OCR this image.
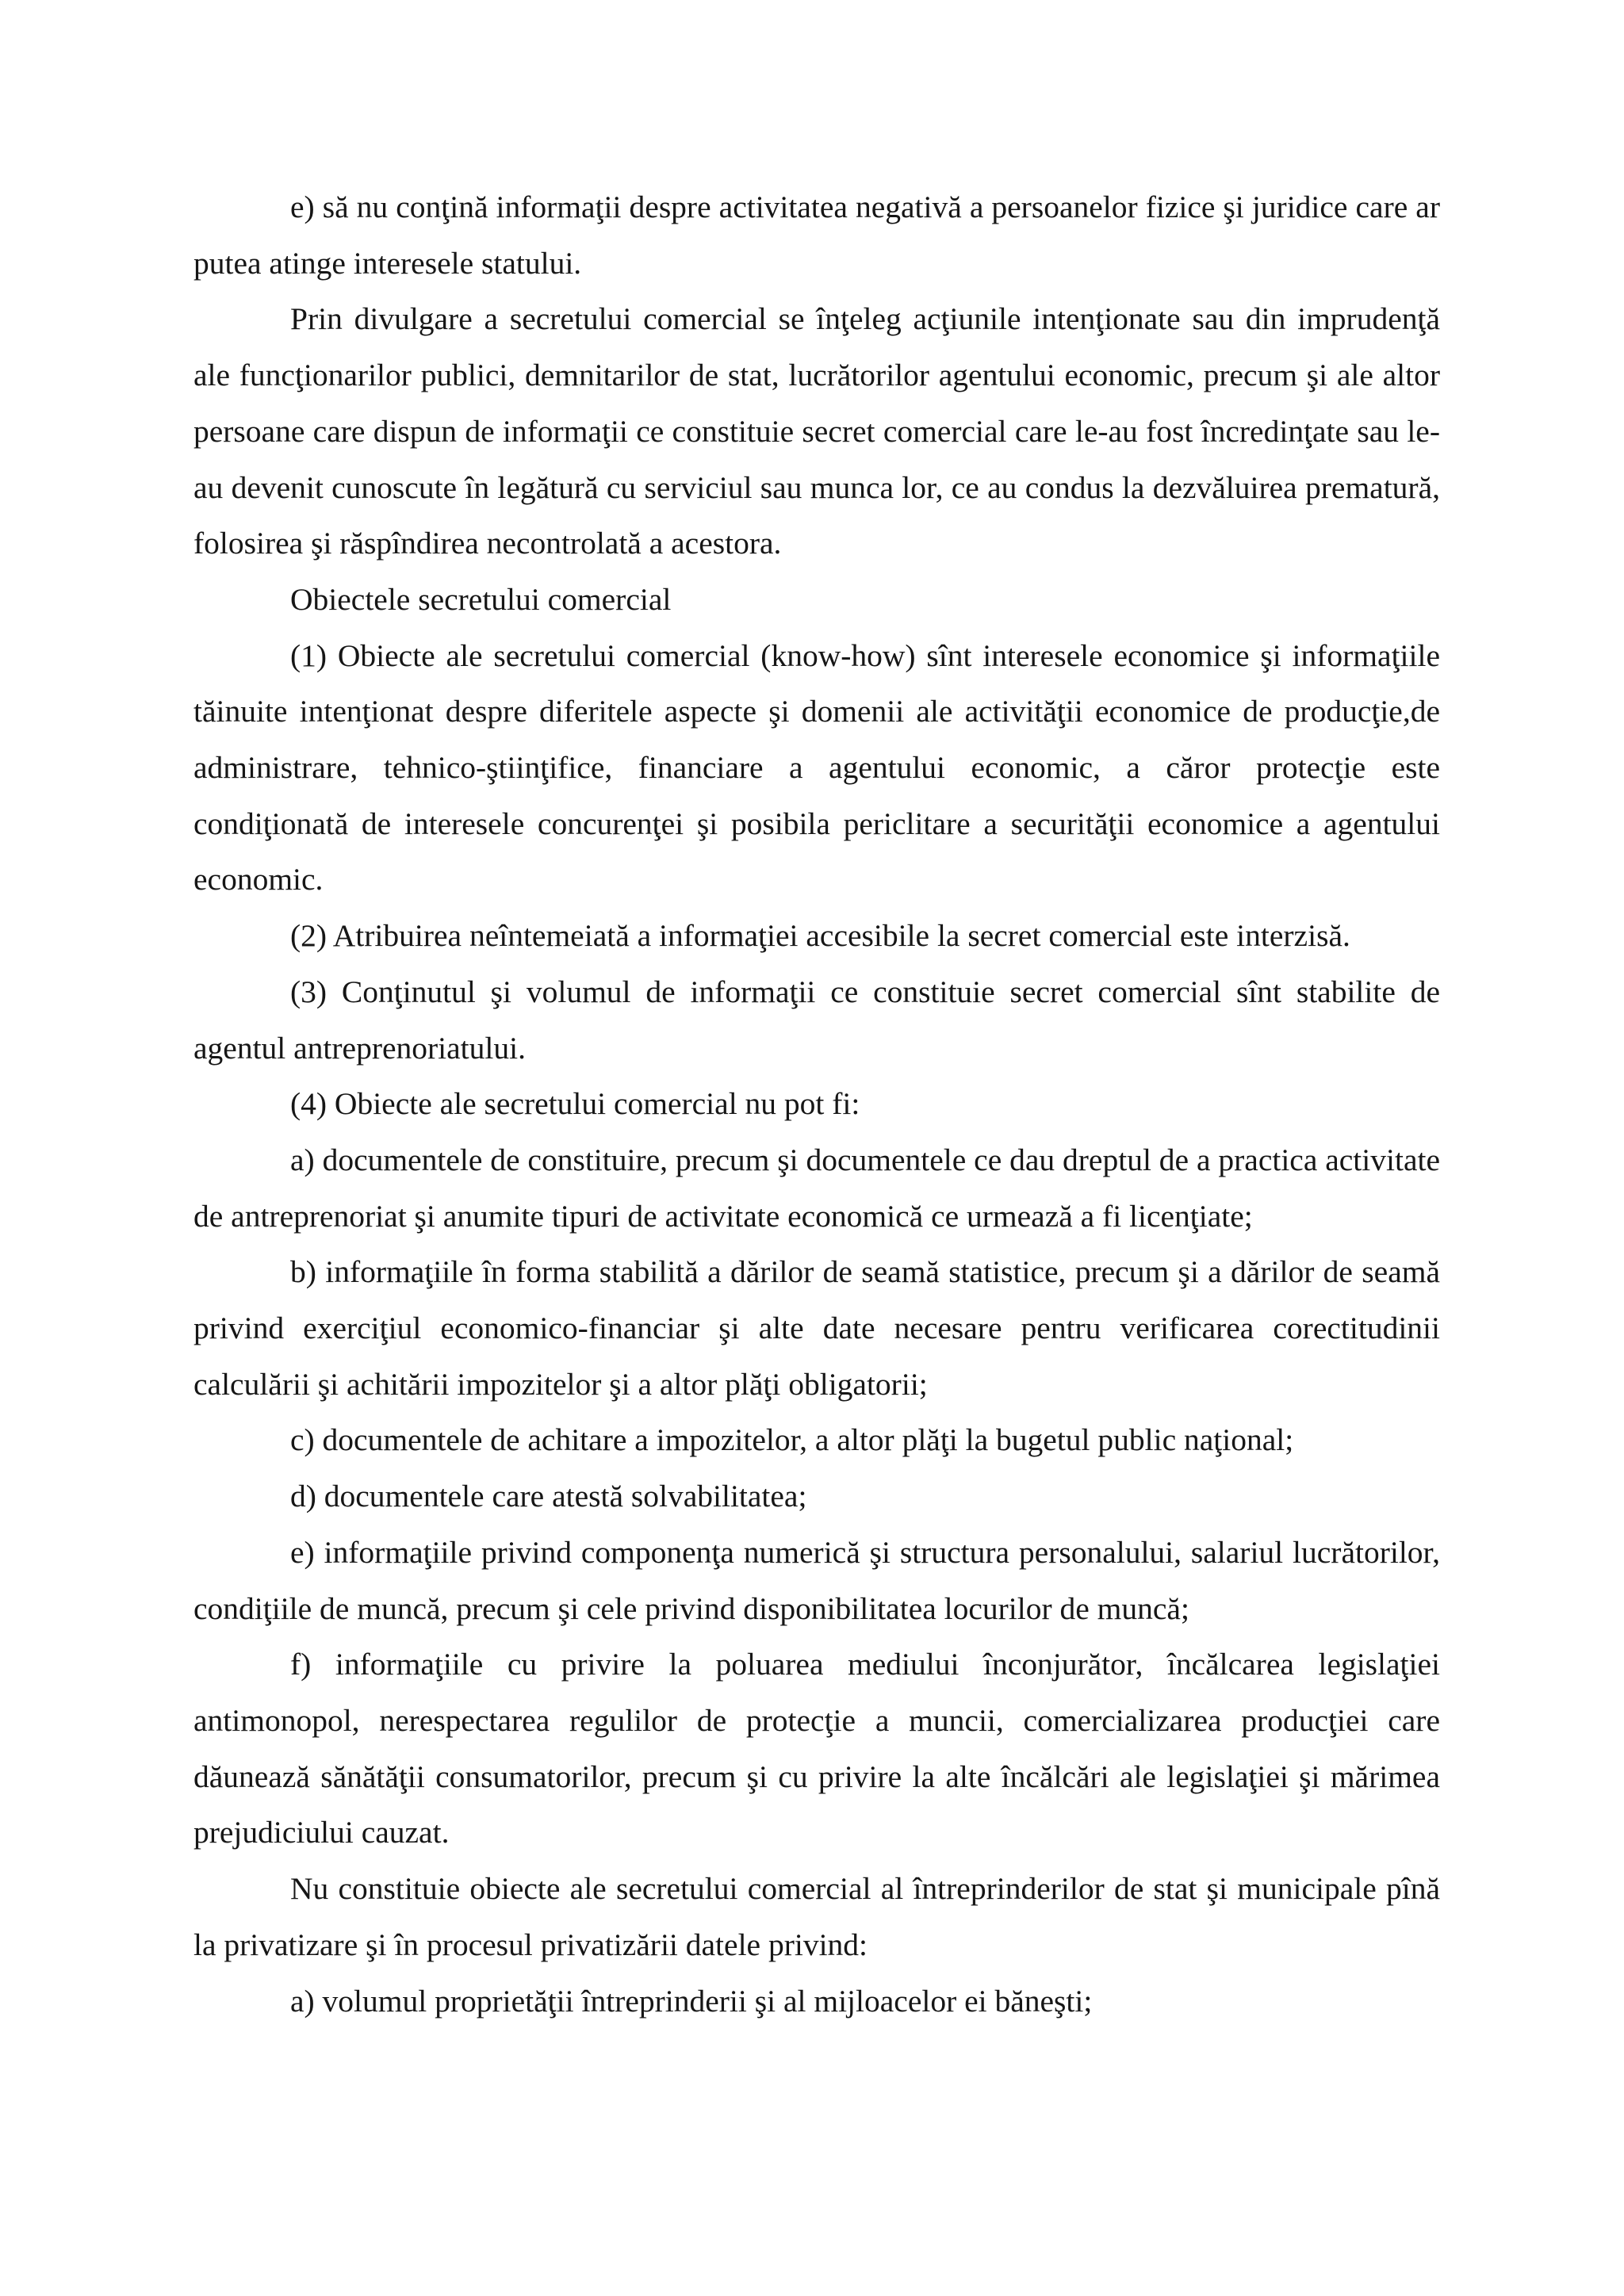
e) să nu conţină informaţii despre activitatea negativă a persoanelor fizice şi juridice care ar putea atinge interesele statului.

Prin divulgare a secretului comercial se înţeleg acţiunile intenţionate sau din imprudenţă ale funcţionarilor publici, demnitarilor de stat, lucrătorilor agentului economic, precum şi ale altor persoane care dispun de informaţii ce constituie secret comercial care le-au fost încredinţate sau le-au devenit cunoscute în legătură cu serviciul sau munca lor, ce au condus la dezvăluirea prematură, folosirea şi răspîndirea necontrolată a acestora.

Obiectele secretului comercial

(1) Obiecte ale secretului comercial (know-how) sînt interesele economice şi informaţiile tăinuite intenţionat despre diferitele aspecte şi domenii ale activităţii economice de producţie,de administrare, tehnico-ştiinţifice, financiare a agentului economic, a căror protecţie este condiţionată de interesele concurenţei şi posibila periclitare a securităţii economice a agentului economic.

(2) Atribuirea neîntemeiată a informaţiei accesibile la secret comercial este interzisă.

(3) Conţinutul şi volumul de informaţii ce constituie secret comercial sînt stabilite de agentul antreprenoriatului.

(4) Obiecte ale secretului comercial nu pot fi:

a) documentele de constituire, precum şi documentele ce dau dreptul de a practica activitate de antreprenoriat şi anumite tipuri de activitate economică ce urmează a fi licenţiate;

b) informaţiile în forma stabilită a dărilor de seamă statistice, precum şi a dărilor de seamă privind exerciţiul economico-financiar şi alte date necesare pentru verificarea corectitudinii calculării şi achitării impozitelor şi a altor plăţi obligatorii;

c) documentele de achitare a impozitelor, a altor plăţi la bugetul public naţional;

d) documentele care atestă solvabilitatea;

e) informaţiile privind componenţa numerică şi structura personalului, salariul lucrătorilor, condiţiile de muncă, precum şi cele privind disponibilitatea locurilor de muncă;

f) informaţiile cu privire la poluarea mediului înconjurător, încălcarea legislaţiei antimonopol, nerespectarea regulilor de protecţie a muncii, comercializarea producţiei care dăunează sănătăţii consumatorilor, precum şi cu privire la alte încălcări ale legislaţiei şi mărimea prejudiciului cauzat.

Nu constituie obiecte ale secretului comercial al întreprinderilor de stat şi municipale pînă la privatizare şi în procesul privatizării datele privind:

a) volumul proprietăţii întreprinderii şi al mijloacelor ei băneşti;
